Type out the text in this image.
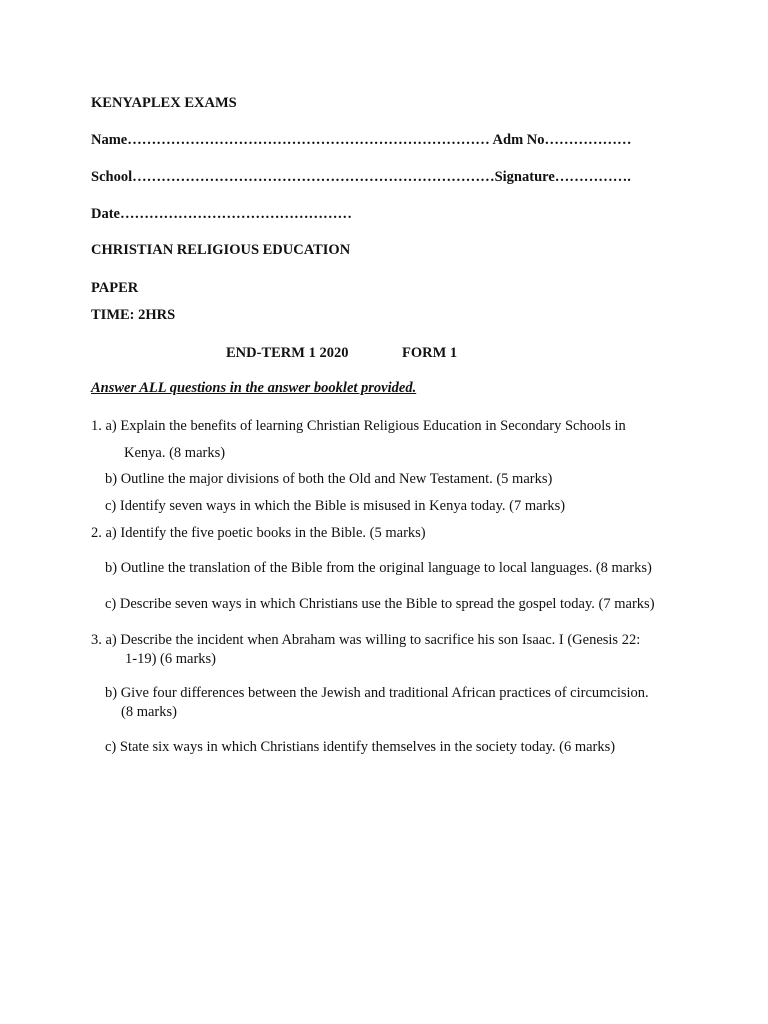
KENYAPLEX EXAMS
Name………………………………………………………………… Adm No………………
School…………………………………………………………………Signature…………….
Date…………………………………………
CHRISTIAN RELIGIOUS EDUCATION
PAPER
TIME: 2HRS
END-TERM 1 2020	FORM 1
Answer ALL questions in the answer booklet provided.
1. a) Explain the benefits of learning Christian Religious Education in Secondary Schools in
Kenya. (8 marks)
b) Outline the major divisions of both the Old and New Testament. (5 marks)
c) Identify seven ways in which the Bible is misused in Kenya today. (7 marks)
2. a) Identify the five poetic books in the Bible. (5 marks)
b) Outline the translation of the Bible from the original language to local languages. (8 marks)
c) Describe seven ways in which Christians use the Bible to spread the gospel today. (7 marks)
3. a) Describe the incident when Abraham was willing to sacrifice his son Isaac. I (Genesis 22:
1-19) (6 marks)
b) Give four differences between the Jewish and traditional African practices of circumcision.
(8 marks)
c) State six ways in which Christians identify themselves in the society today. (6 marks)
